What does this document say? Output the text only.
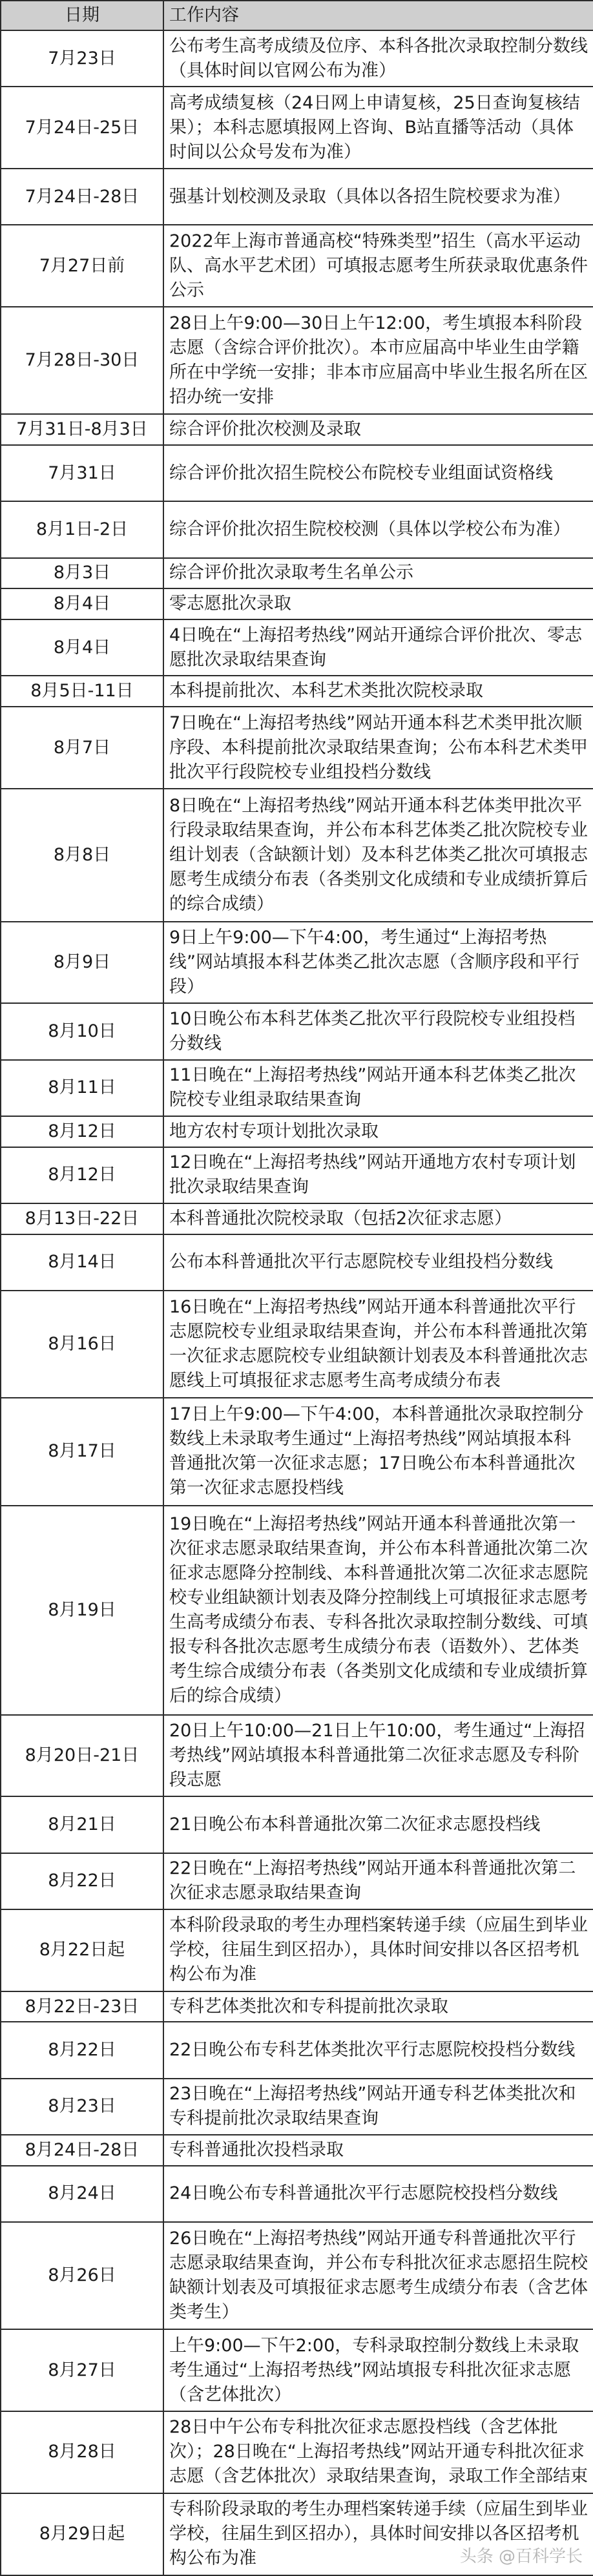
日期	工作内容
7月23日	公布考生高考成绩及位序、本科各批次录取控制分数线（具体时间以官网公布为准）
7月24日-25日	高考成绩复核（24日网上申请复核，25日查询复核结果）；本科志愿填报网上咨询、B站直播等活动（具体时间以公众号发布为准）
7月24日-28日	强基计划校测及录取（具体以各招生院校要求为准）
7月27日前	2022年上海市普通高校“特殊类型”招生（高水平运动队、高水平艺术团）可填报志愿考生所获录取优惠条件公示
7月28日-30日	28日上午9:00—30日上午12:00，考生填报本科阶段志愿（含综合评价批次）。本市应届高中毕业生由学籍所在中学统一安排；非本市应届高中毕业生报名所在区招办统一安排
7月31日-8月3日	综合评价批次校测及录取
7月31日	综合评价批次招生院校公布院校专业组面试资格线
8月1日-2日	综合评价批次招生院校校测（具体以学校公布为准）
8月3日	综合评价批次录取考生名单公示
8月4日	零志愿批次录取
8月4日	4日晚在“上海招考热线”网站开通综合评价批次、零志愿批次录取结果查询
8月5日-11日	本科提前批次、本科艺术类批次院校录取
8月7日	7日晚在“上海招考热线”网站开通本科艺术类甲批次顺序段、本科提前批次录取结果查询；公布本科艺术类甲批次平行段院校专业组投档分数线
8月8日	8日晚在“上海招考热线”网站开通本科艺体类甲批次平行段录取结果查询，并公布本科艺体类乙批次院校专业组计划表（含缺额计划）及本科艺体类乙批次可填报志愿考生成绩分布表（各类别文化成绩和专业成绩折算后的综合成绩）
8月9日	9日上午9:00—下午4:00，考生通过“上海招考热线”网站填报本科艺体类乙批次志愿（含顺序段和平行段）
8月10日	10日晚公布本科艺体类乙批次平行段院校专业组投档分数线
8月11日	11日晚在“上海招考热线”网站开通本科艺体类乙批次院校专业组录取结果查询
8月12日	地方农村专项计划批次录取
8月12日	12日晚在“上海招考热线”网站开通地方农村专项计划批次录取结果查询
8月13日-22日	本科普通批次院校录取（包括2次征求志愿）
8月14日	公布本科普通批次平行志愿院校专业组投档分数线
8月16日	16日晚在“上海招考热线”网站开通本科普通批次平行志愿院校专业组录取结果查询，并公布本科普通批次第一次征求志愿院校专业组缺额计划表及本科普通批次志愿线上可填报征求志愿考生高考成绩分布表
8月17日	17日上午9:00—下午4:00，本科普通批次录取控制分数线上未录取考生通过“上海招考热线”网站填报本科普通批次第一次征求志愿；17日晚公布本科普通批次第一次征求志愿投档线
8月19日	19日晚在“上海招考热线”网站开通本科普通批次第一次征求志愿录取结果查询，并公布本科普通批次第二次征求志愿降分控制线、本科普通批次第二次征求志愿院校专业组缺额计划表及降分控制线上可填报征求志愿考生高考成绩分布表、专科各批次录取控制分数线、可填报专科各批次志愿考生成绩分布表（语数外）、艺体类考生综合成绩分布表（各类别文化成绩和专业成绩折算后的综合成绩）
8月20日-21日	20日上午10:00—21日上午10:00，考生通过“上海招考热线”网站填报本科普通批第二次征求志愿及专科阶段志愿
8月21日	21日晚公布本科普通批次第二次征求志愿投档线
8月22日	22日晚在“上海招考热线”网站开通本科普通批次第二次征求志愿录取结果查询
8月22日起	本科阶段录取的考生办理档案转递手续（应届生到毕业学校，往届生到区招办），具体时间安排以各区招考机构公布为准
8月22日-23日	专科艺体类批次和专科提前批次录取
8月22日	22日晚公布专科艺体类批次平行志愿院校投档分数线
8月23日	23日晚在“上海招考热线”网站开通专科艺体类批次和专科提前批次录取结果查询
8月24日-28日	专科普通批次投档录取
8月24日	24日晚公布专科普通批次平行志愿院校投档分数线
8月26日	26日晚在“上海招考热线”网站开通专科普通批次平行志愿录取结果查询，并公布专科批次征求志愿招生院校缺额计划表及可填报征求志愿考生成绩分布表（含艺体类考生）
8月27日	上午9:00—下午2:00，专科录取控制分数线上未录取考生通过“上海招考热线”网站填报专科批次征求志愿（含艺体批次）
8月28日	28日中午公布专科批次征求志愿投档线（含艺体批次）；28日晚在“上海招考热线”网站开通专科批次征求志愿（含艺体批次）录取结果查询，录取工作全部结束
8月29日起	专科阶段录取的考生办理档案转递手续（应届生到毕业学校，往届生到区招办），具体时间安排以各区招考机构公布为准	头条 @百科学长
